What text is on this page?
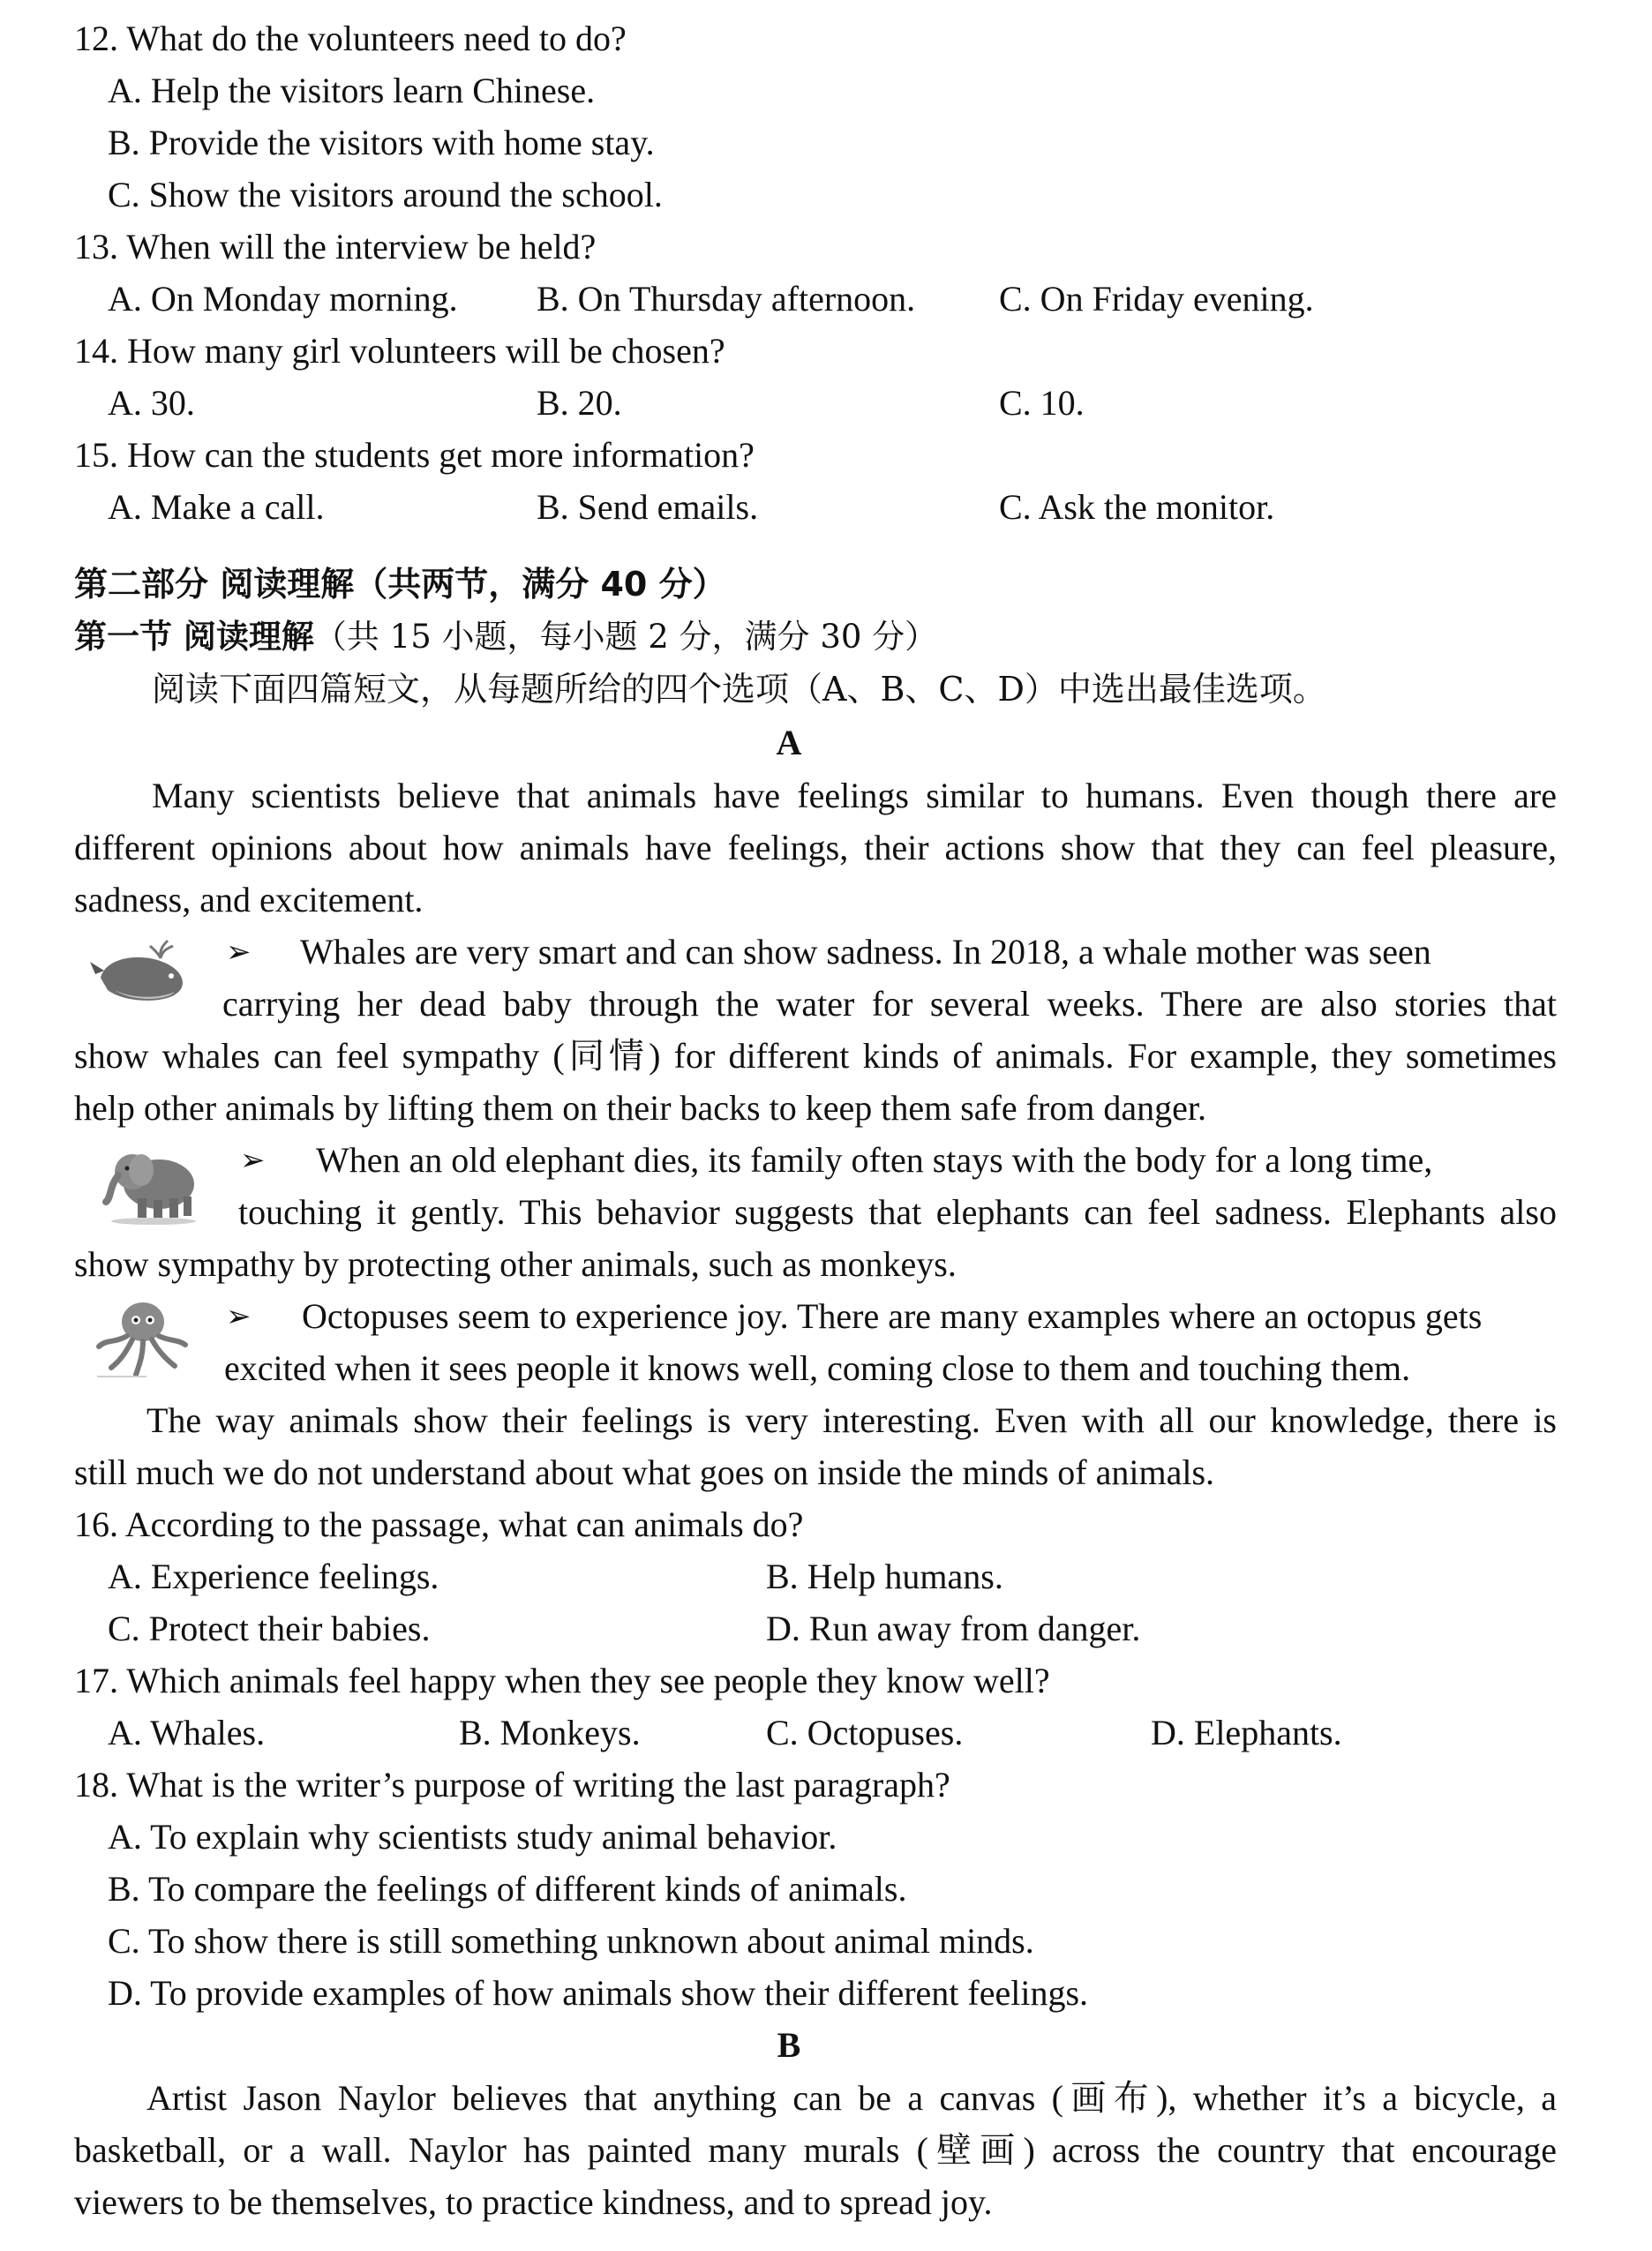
12. What do the volunteers need to do?
A. Help the visitors learn Chinese.
B. Provide the visitors with home stay.
C. Show the visitors around the school.
13. When will the interview be held?
A. On Monday morning. B. On Thursday afternoon. C. On Friday evening.
14. How many girl volunteers will be chosen?
A. 30.	B. 20.	C. 10.
15. How can the students get more information?
A. Make a call.	B. Send emails.	C. Ask the monitor.
第二部分 阅读理解（共两节，满分 40 分）
第一节 阅读理解（共 15 小题，每小题 2 分，满分 30 分）
阅读下面四篇短文，从每题所给的四个选项（A、B、C、D）中选出最佳选项。
A
Many scientists believe that animals have feelings similar to humans. Even though there are
different opinions about how animals have feelings, their actions show that they can feel pleasure,
sadness, and excitement.
➢ Whales are very smart and can show sadness. In 2018, a whale mother was seen
carrying her dead baby through the water for several weeks. There are also stories that
show whales can feel sympathy (同情) for different kinds of animals. For example, they sometimes
help other animals by lifting them on their backs to keep them safe from danger.
➢ When an old elephant dies, its family often stays with the body for a long time,
touching it gently. This behavior suggests that elephants can feel sadness. Elephants also
show sympathy by protecting other animals, such as monkeys.
➢ Octopuses seem to experience joy. There are many examples where an octopus gets
excited when it sees people it knows well, coming close to them and touching them.
The way animals show their feelings is very interesting. Even with all our knowledge, there is
still much we do not understand about what goes on inside the minds of animals.
16. According to the passage, what can animals do?
A. Experience feelings.	B. Help humans.
C. Protect their babies.	D. Run away from danger.
17. Which animals feel happy when they see people they know well?
A. Whales.	B. Monkeys.	C. Octopuses.	D. Elephants.
18. What is the writer’s purpose of writing the last paragraph?
A. To explain why scientists study animal behavior.
B. To compare the feelings of different kinds of animals.
C. To show there is still something unknown about animal minds.
D. To provide examples of how animals show their different feelings.
B
Artist Jason Naylor believes that anything can be a canvas (画布), whether it’s a bicycle, a
basketball, or a wall. Naylor has painted many murals (壁画) across the country that encourage
viewers to be themselves, to practice kindness, and to spread joy.
